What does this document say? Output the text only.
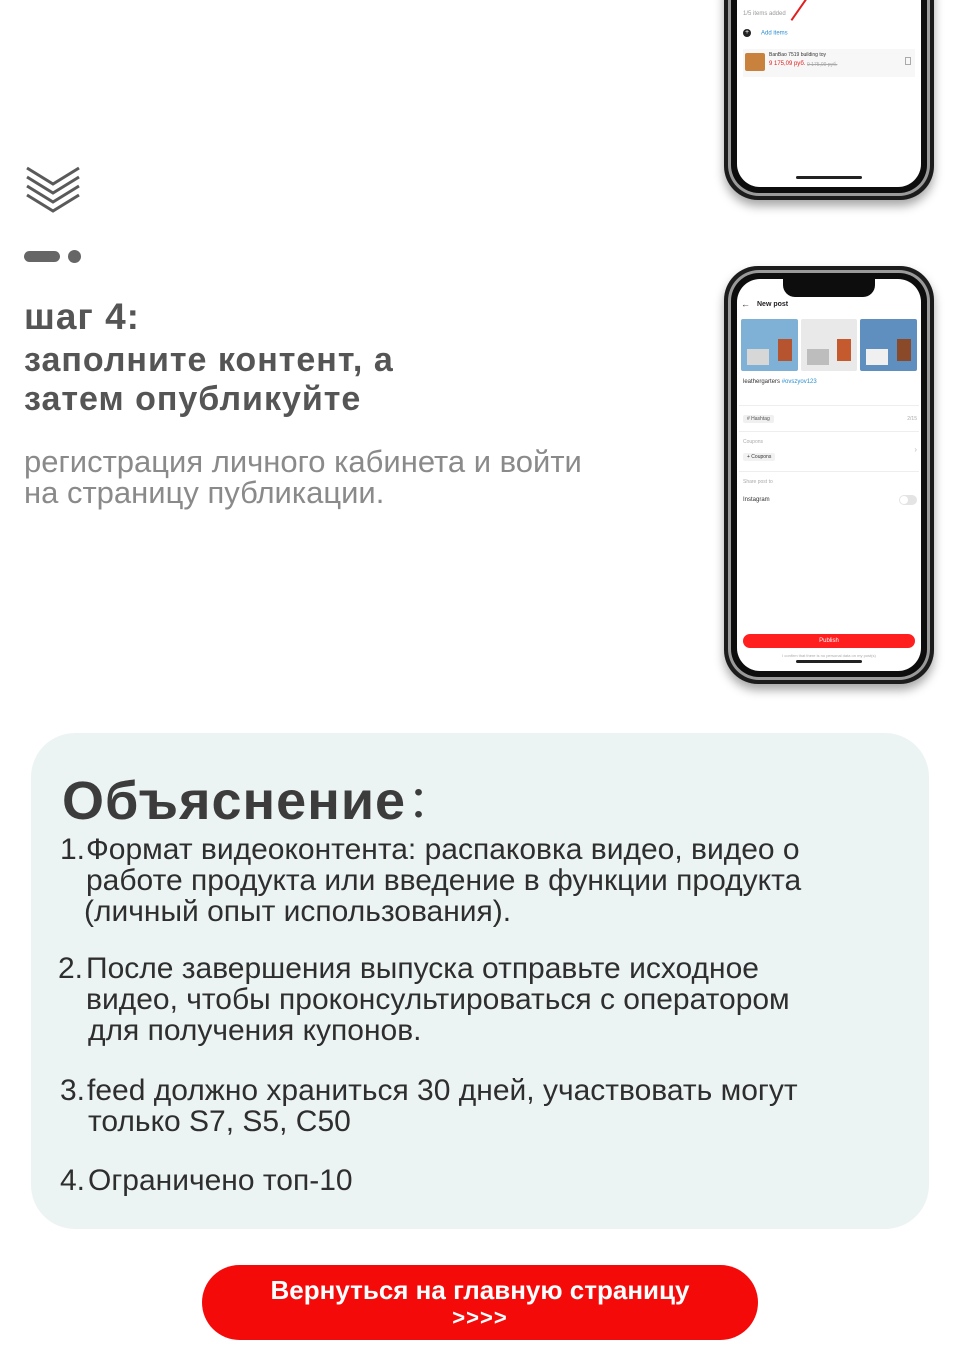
шаг 4:
заполните контент, а
затем опубликуйте
регистрация личного кабинета и войти
на страницу публикации.
1/5 items added
+ Add items
BanBao 7519 building toy
9 175,09 руб. 9 175,09 руб.
←	New post
leathergarters #ovszyov123
# Hashtag	2/15
Coupons
+ Coupons
›
Share post to
Instagram
Publish
I confirm that there is no personal data on my post(s)
Объяснение：
1. Формат видеоконтента: распаковка видео, видео о
работе продукта или введение в функции продукта
(личный опыт использования).
2. После завершения выпуска отправьте исходное
видео, чтобы проконсультироваться с оператором
для получения купонов.
3. feed должно храниться 30 дней, участвовать могут
только S7, S5, C50
4. Ограничено топ-10
Вернуться на главную страницу
>>>>
